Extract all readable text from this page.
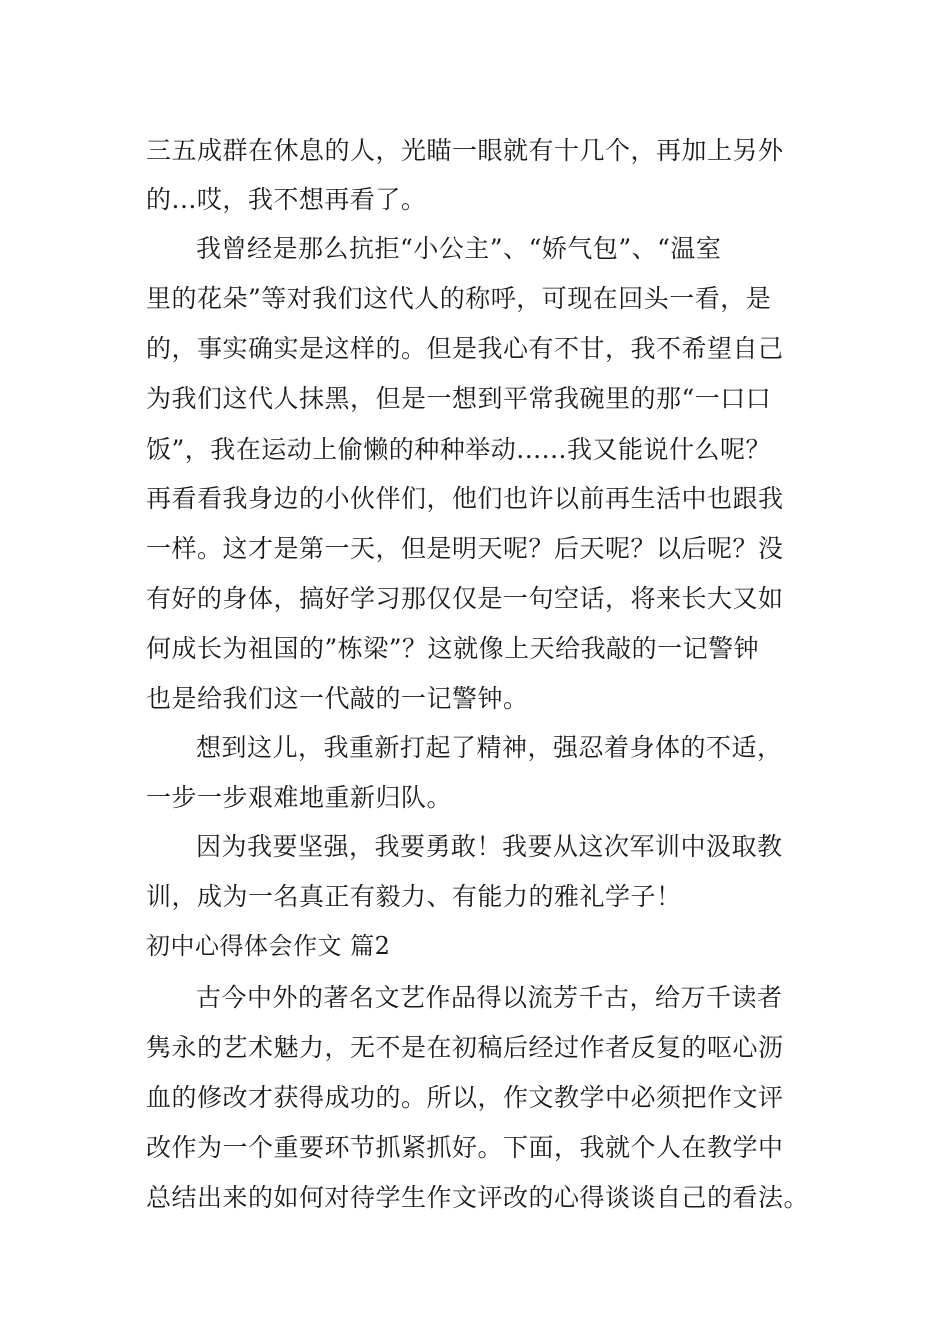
三五成群在休息的人，光瞄一眼就有十几个，再加上另外

的...哎，我不想再看了。

我曾经是那么抗拒“小公主”、“娇气包”、“温室

里的花朵”等对我们这代人的称呼，可现在回头一看，是

的，事实确实是这样的。但是我心有不甘，我不希望自己

为我们这代人抹黑，但是一想到平常我碗里的那“一口口

饭”，我在运动上偷懒的种种举动......我又能说什么呢？

再看看我身边的小伙伴们，他们也许以前再生活中也跟我

一样。这才是第一天，但是明天呢？后天呢？以后呢？没

有好的身体，搞好学习那仅仅是一句空话，将来长大又如

何成长为祖国的”栋梁”？这就像上天给我敲的一记警钟

也是给我们这一代敲的一记警钟。

想到这儿，我重新打起了精神，强忍着身体的不适，

一步一步艰难地重新归队。

因为我要坚强，我要勇敢！我要从这次军训中汲取教

训，成为一名真正有毅力、有能力的雅礼学子！

初中心得体会作文 篇2

古今中外的著名文艺作品得以流芳千古，给万千读者

隽永的艺术魅力，无不是在初稿后经过作者反复的呕心沥

血的修改才获得成功的。所以，作文教学中必须把作文评

改作为一个重要环节抓紧抓好。下面，我就个人在教学中

总结出来的如何对待学生作文评改的心得谈谈自己的看法。
